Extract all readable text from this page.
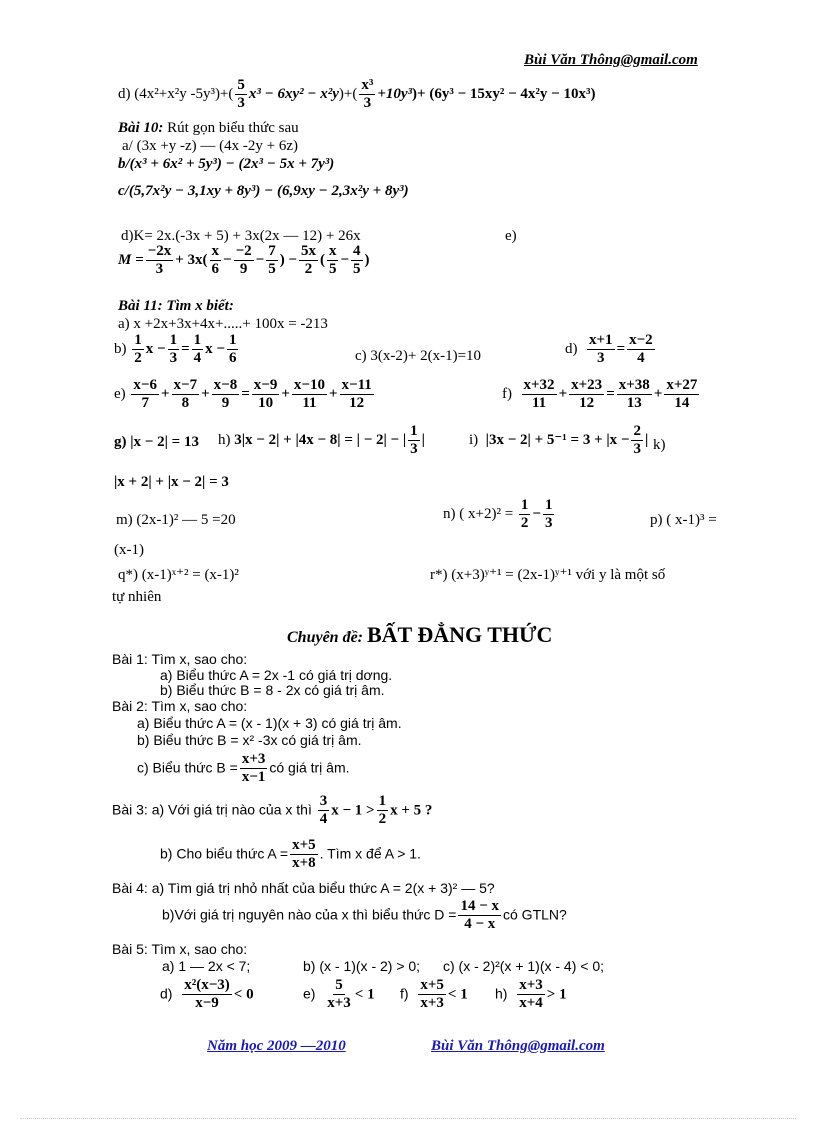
Bùi Văn Thông@gmail.com
d) (4x²+x²y $-5y^3)+( \frac{5}{3} x^3 - 6xy^2 - x^2y)+( \frac{\text{x³}}{3} +10y^3)+ (6y^3 - 15xy^2 - 4x^2y - 10x^3)$
Bài 10: Rút gọn biểu thức sau
a/ (3x +y -z) — (4x -2y + 6z)
b/(x³ + 6x² + 5y³) − (2x³ − 5x + 7y³)
c/(5,7x²y − 3,1xy + 8y³) − (6,9xy − 2,3x²y + 8y³)
d)K= 2x.(-3x + 5) + 3x(2x — 12) + 26x	e)
$M = \frac{-2x}{3} + 3x( \frac{x}{6} - \frac{-2}{9} - \frac{7}{5}$ ) − $\frac{5x}{2}$ ( $\frac{x}{5} - \frac{4}{5}$ )
Bài 11: Tìm x biết:
a) x +2x+3x+4x+.....+ 100x = -213
$b) \frac{1}{2}$ $x - \frac{1}{3} = \frac{1}{4}$ $x - \frac{1}{6}$	c) 3(x-2)+ 2(x-1)=10	$d) \frac{x+1}{3} = \frac{x-2}{4}$
$e) \frac{x-6}{7} + \frac{x-7}{8} + \frac{x-8}{9} = \frac{x-9}{10} + \frac{x-10}{11} + \frac{x-11}{12}$	$f) \frac{x+32}{11} + \frac{x+23}{12} = \frac{x+38}{13} + \frac{x+27}{14}$
g) |x − 2| = 13 h) 3|x − 2| + |4x − 8| = | − 2| − | $\frac{1}{3}$ |	i) $|3x - 2| + 5^{-1} = 3 + |x - \frac{2}{3}$ | k)
|x + 2| + |x − 2| = 3
m) (2x-1)² — 5 =20	n) ( $x+2)^2 = \frac{1}{2} - \frac{1}{3}$	p) ( x-1)³ =
(x-1)
q*) (x-1)ˣ⁺² = (x-1)²	r*) (x+3)ʸ⁺¹ = (2x-1)ʸ⁺¹ với y là một số
tự nhiên
Chuyên đề: BẤT ĐẲNG THỨC
Bài 1: Tìm x, sao cho:
a) Biểu thức A = 2x -1 có giá trị dơng.
b) Biểu thức B = 8 - 2x có giá trị âm.
Bài 2: Tìm x, sao cho:
a) Biểu thức A = (x - 1)(x + 3) có giá trị âm.
b) Biểu thức B = x² -3x có giá trị âm.
c) Biểu thức $B = \frac{x+3}{x-1}$ có giá trị âm.
Bài 3: a) Với giá trị nào của x thì $\frac{3}{4}$ $x - 1 > \frac{1}{2}$ x + 5 ?
b) Cho biểu thức $A = \frac{x+5}{x+8}$ . Tìm x để A > 1.
Bài 4: a) Tìm giá trị nhỏ nhất của biểu thức A = 2(x + 3)² — 5?
b)Với giá trị nguyên nào của x thì biểu thức $D = \frac{14 - x}{4 - x}$ có GTLN?
Bài 5: Tìm x, sao cho:
a) 1 — 2x < 7;	b) (x - 1)(x - 2) > 0; c) (x - 2)²(x + 1)(x - 4) < 0;
$d) \frac{\text{x²(x−3)}}{x-9} < 0$	$e) \frac{5}{x+3} < 1$ $f) \frac{x+5}{x+3} < 1$ $h) \frac{x+3}{x+4} > 1$
Năm học 2009 —2010	Bùi Văn Thông@gmail.com
